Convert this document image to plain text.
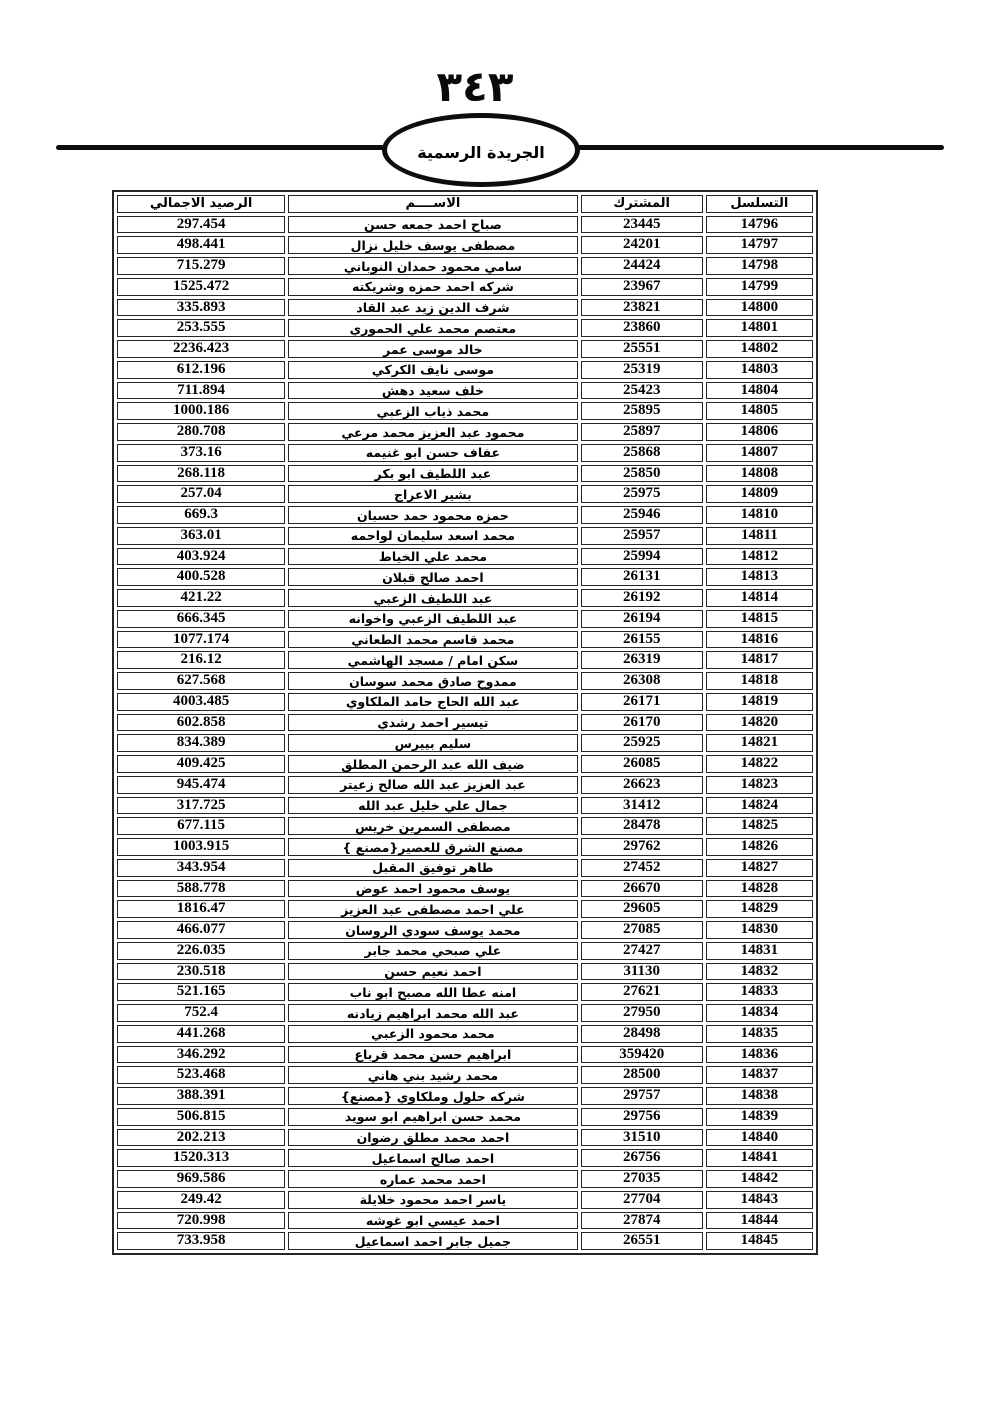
٣٤٣
الجريدة الرسمية
التسلسل	المشترك	الاســــم	الرصيد الاجمالي
14796	23445	صباح احمد جمعه حسن	297.454
14797	24201	مصطفى يوسف خليل نزال	498.441
14798	24424	سامي محمود حمدان النوباني	715.279
14799	23967	شركه احمد حمزه وشريكته	1525.472
14800	23821	شرف الدين زيد عبد القاد	335.893
14801	23860	معتصم محمد علي الحموري	253.555
14802	25551	خالد موسى عمر	2236.423
14803	25319	موسى نايف الكركي	612.196
14804	25423	خلف سعيد دهش	711.894
14805	25895	محمد ذياب الزعبي	1000.186
14806	25897	محمود عبد العزيز محمد مرعي	280.708
14807	25868	عفاف حسن ابو غنيمه	373.16
14808	25850	عبد اللطيف ابو بكر	268.118
14809	25975	بشير الاعراج	257.04
14810	25946	حمزه محمود حمد حسبان	669.3
14811	25957	محمد اسعد سليمان لواحمه	363.01
14812	25994	محمد علي الخياط	403.924
14813	26131	احمد صالح قبلان	400.528
14814	26192	عبد اللطيف الزعبي	421.22
14815	26194	عبد اللطيف الزعبي واخوانه	666.345
14816	26155	محمد قاسم محمد الطعاني	1077.174
14817	26319	سكن امام / مسجد الهاشمي	216.12
14818	26308	ممدوح صادق محمد سوسان	627.568
14819	26171	عبد الله الحاج حامد الملكاوي	4003.485
14820	26170	تيسير احمد رشدي	602.858
14821	25925	سليم بييرس	834.389
14822	26085	ضيف الله عبد الرحمن المطلق	409.425
14823	26623	عبد العزيز عبد الله صالح زعيتر	945.474
14824	31412	جمال علي خليل عبد الله	317.725
14825	28478	مصطفى السمرين خريس	677.115
14826	29762	مصنع الشرق للعصير{مصنع }	1003.915
14827	27452	طاهر توفيق المقبل	343.954
14828	26670	يوسف محمود احمد عوض	588.778
14829	29605	علي احمد مصطفى عبد العزيز	1816.47
14830	27085	محمد يوسف سودي الروسان	466.077
14831	27427	علي صبحي محمد جابر	226.035
14832	31130	احمد نعيم حسن	230.518
14833	27621	امنه عطا الله مصبح ابو ناب	521.165
14834	27950	عبد الله محمد ابراهيم زيادنه	752.4
14835	28498	محمد محمود الزعبي	441.268
14836	359420	ابراهيم حسن محمد قرباع	346.292
14837	28500	محمد رشيد بني هاني	523.468
14838	29757	شركه حلول وملكاوي {مصنع}	388.391
14839	29756	محمد حسن ابراهيم ابو سويد	506.815
14840	31510	احمد محمد مطلق رضوان	202.213
14841	26756	احمد صالح اسماعيل	1520.313
14842	27035	احمد محمد عماره	969.586
14843	27704	ياسر احمد محمود خلايلة	249.42
14844	27874	احمد عيسي ابو غوشه	720.998
14845	26551	جميل جابر احمد اسماعيل	733.958
